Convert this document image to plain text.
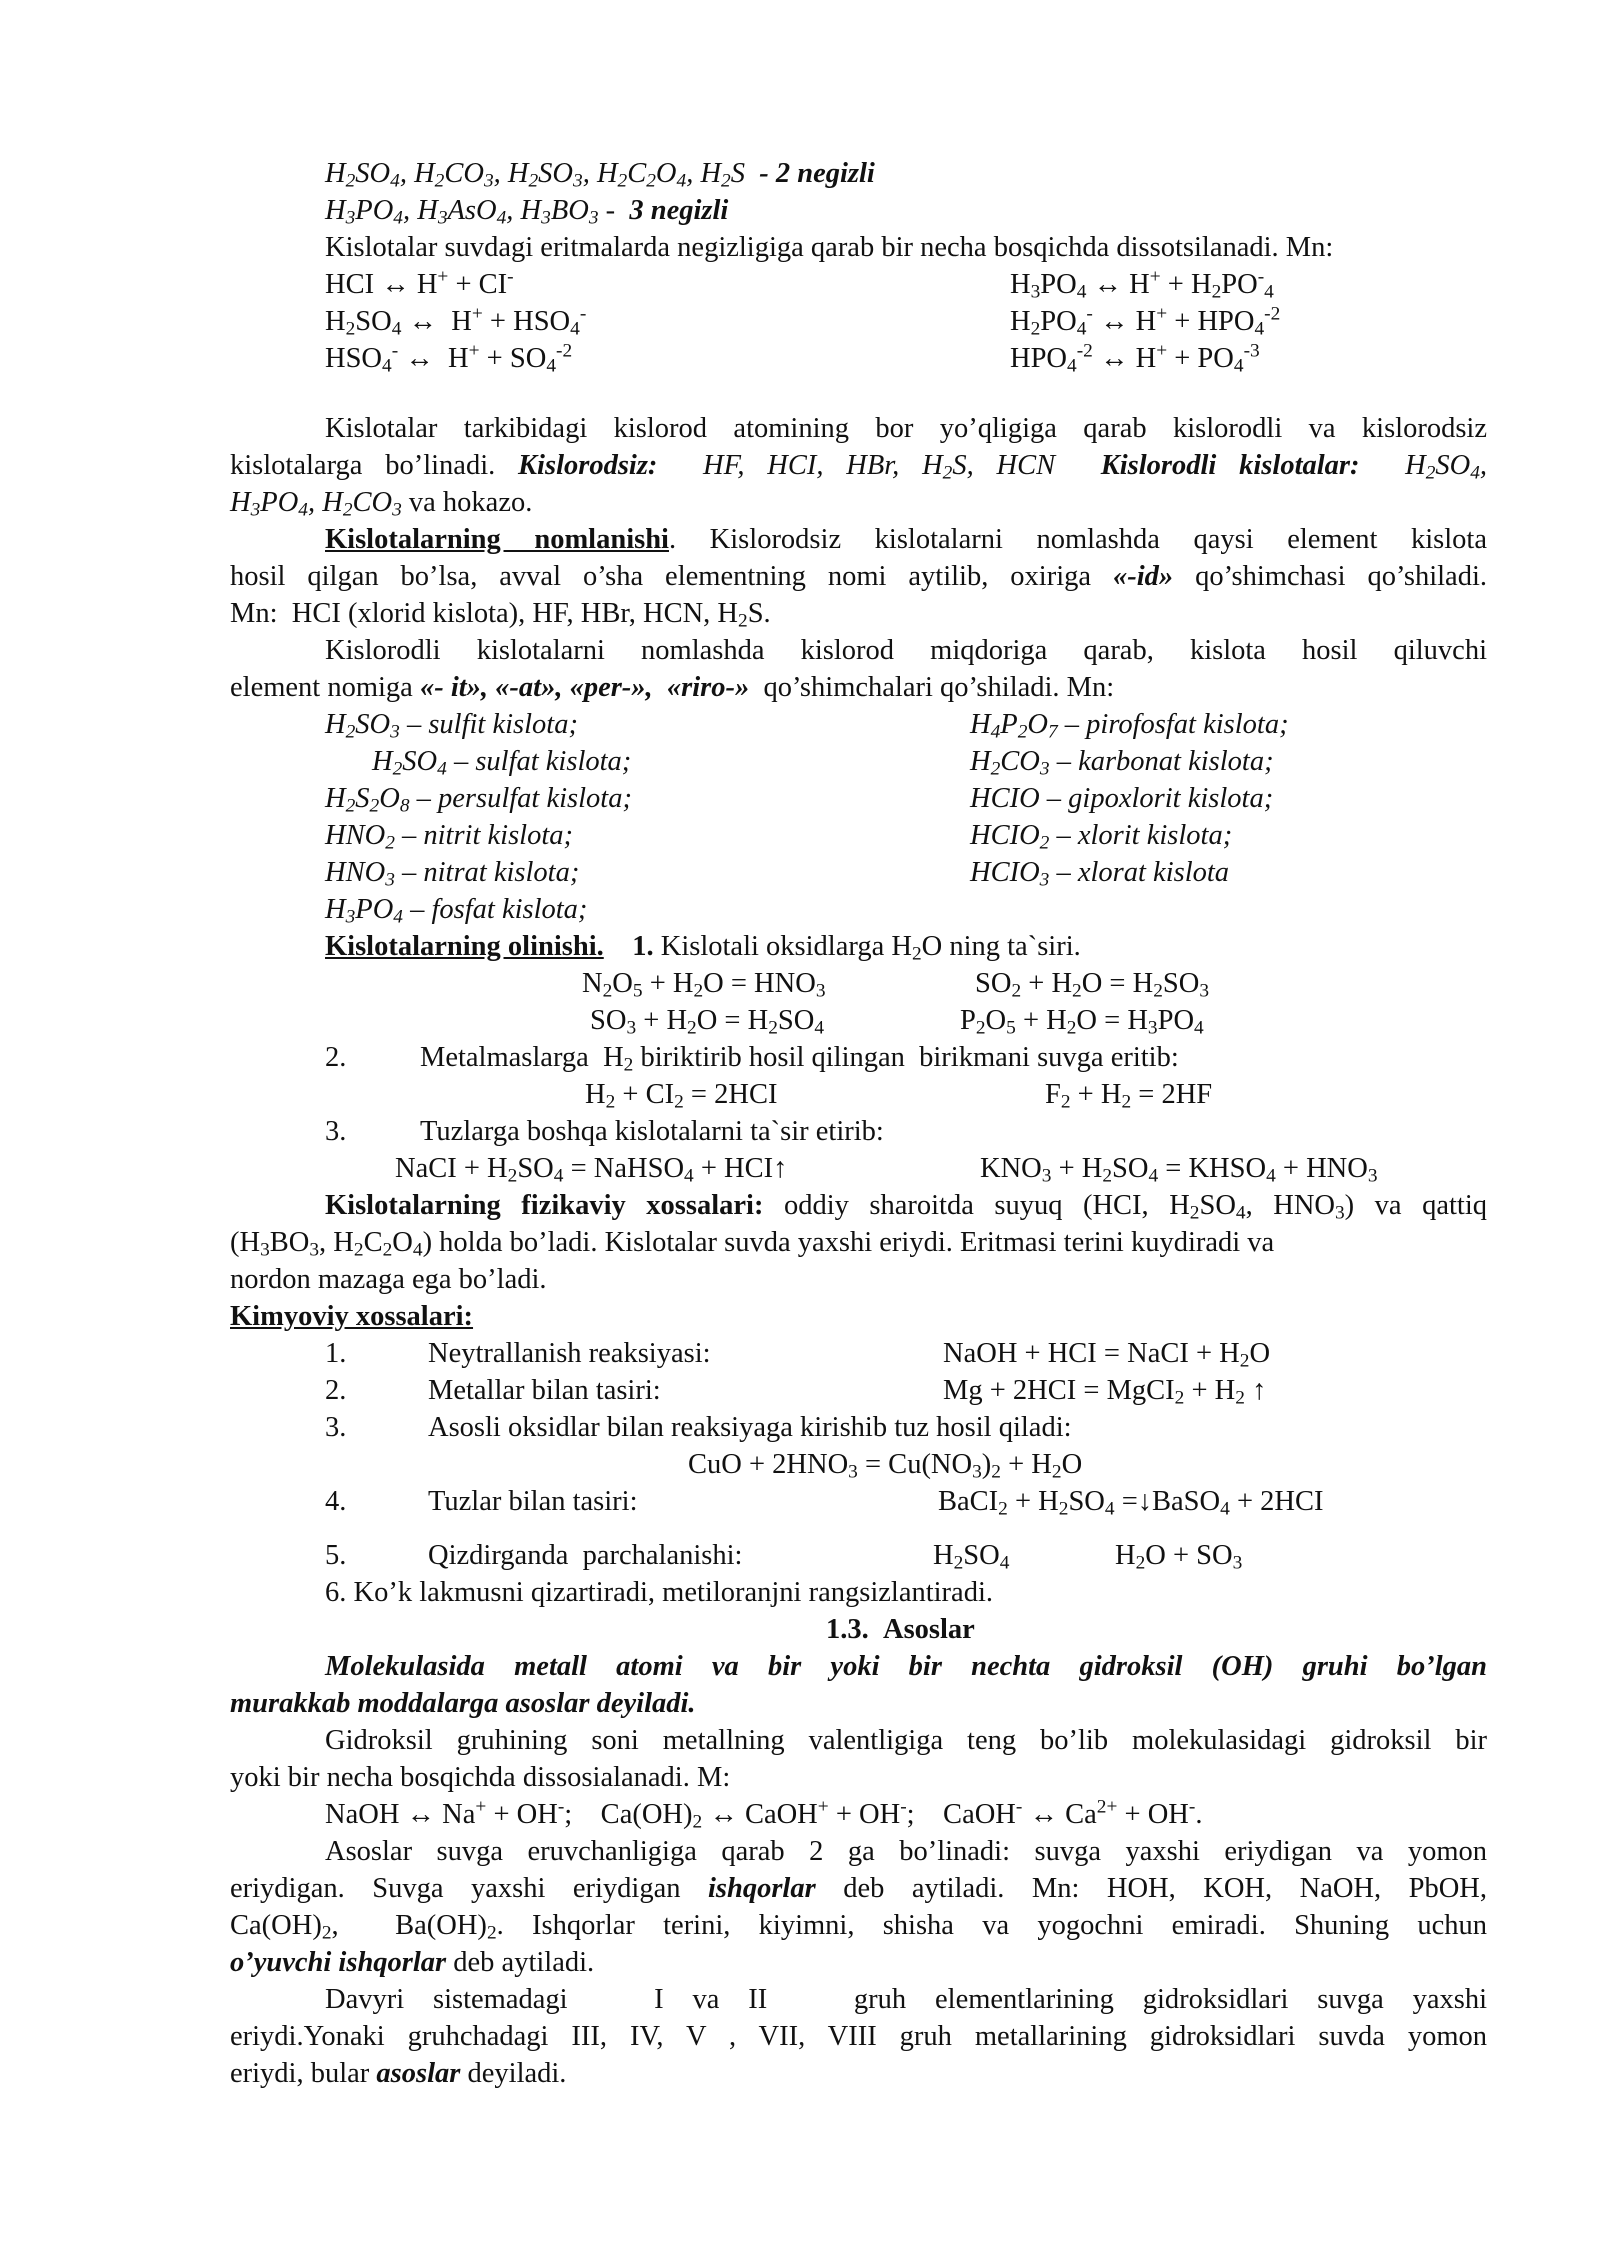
$H_2SO_4$, $H_2CO_3$, $H_2SO_3$, $H_2C_2O_4$, $H_2S - 2$ negizli
$H_3PO_4$, $H_3AsO_4$, $H_3BO_3 - 3$ negizli
Kislotalar suvdagi eritmalarda negizligiga qarab bir necha bosqichda dissotsilanadi. Mn:
HCI ↔ H+ + CI-	$H_3PO_4$ ↔ $H^+ + H_2PO^-_4$
$H_2SO_4$ ↔  $H^+ + HSO_4^-$	$H_2PO_4^-$ ↔ $H^+ + HPO_4^{-2}$
$HSO_4^-$ ↔  $H^+ + SO_4^{-2}$	$HPO_4^{-2}$ ↔ $H^+ + PO_4^{-3}$
Kislotalar tarkibidagi kislorod atomining bor yo’qligiga qarab kislorodli va kislorodsiz
kislotalarga bo’linadi. Kislorodsiz: HF, HCI, HBr, $H_2S$, HCN Kislorodli kislotalar: $H_2SO_4$,
$H_3PO_4$, $H_2CO_3$ va hokazo.
Kislotalarning nomlanishi. Kislorodsiz kislotalarni nomlashda qaysi element kislota
hosil qilgan bo’lsa, avval o’sha elementning nomi aytilib, oxiriga «-id» qo’shimchasi qo’shiladi.
Mn:  HCI (xlorid kislota), HF, HBr, HCN, $H_2S$.
Kislorodli kislotalarni nomlashda kislorod miqdoriga qarab, kislota hosil qiluvchi
element nomiga «- it», «-at», «per-»,  «riro-»  qo’shimchalari qo’shiladi. Mn:
$H_2SO_3$ – sulfit kislota;	$H_4P_2O_7$ – pirofosfat kislota;
$H_2SO_4$ – sulfat kislota;	$H_2CO_3$ – karbonat kislota;
$H_2S_2O_8$ – persulfat kislota;	HCIO – gipoxlorit kislota;
$HNO_2$ – nitrit kislota;	$HCIO_2$ – xlorit kislota;
$HNO_3$ – nitrat kislota;	$HCIO_3$ – xlorat kislota
$H_3PO_4$ – fosfat kislota;
Kislotalarning olinishi. 1. Kislotali oksidlarga $H_2O$ ning ta`siri.
$N_2O_5 + H_2O = HNO_3$	$SO_2 + H_2O = H_2SO_3$
$SO_3 + H_2O = H_2SO_4$	$P_2O_5 + H_2O = H_3PO_4$
2.	Metalmaslarga  $H_2$ biriktirib hosil qilingan  birikmani suvga eritib:
$H_2 + CI_2 = 2HCI$	$F_2 + H_2 = 2HF$
3.	Tuzlarga boshqa kislotalarni ta`sir etirib:
NaCI + $H_2SO_4$ = NaHSO$_4$ + HCI↑	$KNO_3 + H_2SO_4$ = $KHSO_4 + HNO_3$
Kislotalarning fizikaviy xossalari: oddiy sharoitda suyuq (HCI, $H_2SO_4$, $HNO_3$) va qattiq
($H_3BO_3$, $H_2C_2O_4$) holda bo’ladi. Kislotalar suvda yaxshi eriydi. Eritmasi terini kuydiradi va
nordon mazaga ega bo’ladi.
Kimyoviy xossalari:
1.	Neytrallanish reaksiyasi:	NaOH + HCI = NaCI + $H_2O$
2.	Metallar bilan tasiri:	Mg + 2HCI = MgCI$_2$ + $H_2$ ↑
3.	Asosli oksidlar bilan reaksiyaga kirishib tuz hosil qiladi:
CuO + $2HNO_3 = Cu(NO_3)_2 + H_2O$
4.	Tuzlar bilan tasiri:	BaCI$_2$ + $H_2SO_4$ =↓BaSO$_4$ + 2HCI
5.	Qizdirganda  parchalanishi:	$H_2SO_4$	$H_2O + SO_3$
6. Ko’k lakmusni qizartiradi, metiloranjni rangsizlantiradi.
1.3.  Asoslar
Molekulasida metall atomi va bir yoki bir nechta gidroksil (OH) gruhi bo’lgan
murakkab moddalarga asoslar deyiladi.
Gidroksil gruhining soni metallning valentligiga teng bo’lib molekulasidagi gidroksil bir
yoki bir necha bosqichda dissosialanadi. M:
NaOH ↔ Na+ + OH-;    $Ca(OH)_2$ ↔ CaOH+ + OH-;    CaOH- ↔ $Ca^{2+} + OH^-$.
Asoslar suvga eruvchanligiga qarab 2 ga bo’linadi: suvga yaxshi eriydigan va yomon
eriydigan. Suvga yaxshi eriydigan ishqorlar deb aytiladi. Mn: HOH, KOH, NaOH, PbOH,
$Ca(OH)_2$,  $Ba(OH)_2$. Ishqorlar terini, kiyimni, shisha va yogochni emiradi. Shuning uchun
o’yuvchi ishqorlar deb aytiladi.
Davyri sistemadagi   I va II   gruh elementlarining gidroksidlari suvga yaxshi
eriydi.Yonaki gruhchadagi III, IV, V , VII, VIII gruh metallarining gidroksidlari suvda yomon
eriydi, bular asoslar deyiladi.
